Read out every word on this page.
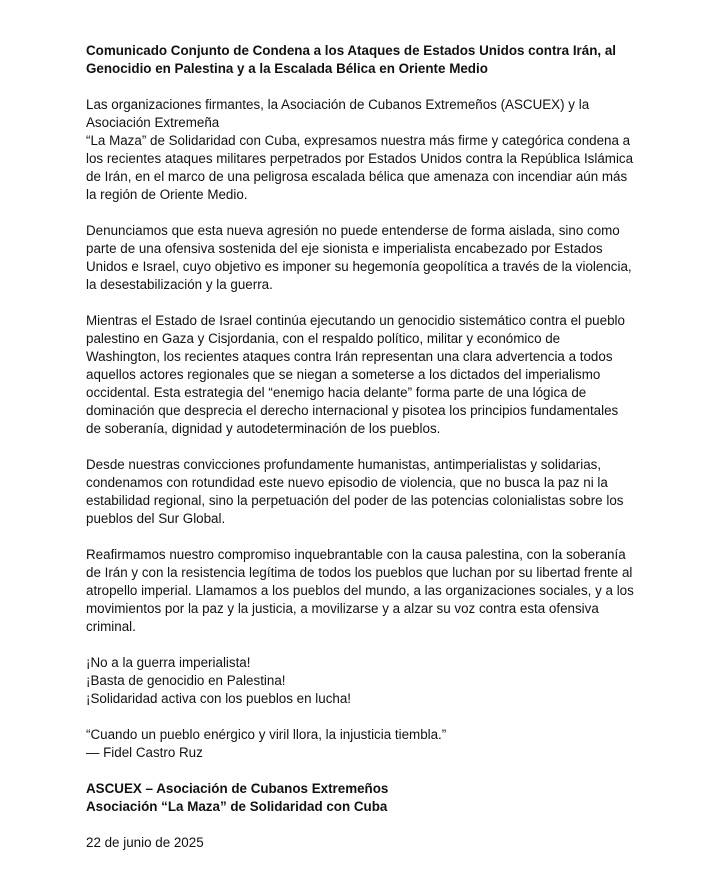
Comunicado Conjunto de Condena a los Ataques de Estados Unidos contra Irán, al
Genocidio en Palestina y a la Escalada Bélica en Oriente Medio
Las organizaciones firmantes, la Asociación de Cubanos Extremeños (ASCUEX) y la
Asociación Extremeña
“La Maza” de Solidaridad con Cuba, expresamos nuestra más firme y categórica condena a
los recientes ataques militares perpetrados por Estados Unidos contra la República Islámica
de Irán, en el marco de una peligrosa escalada bélica que amenaza con incendiar aún más
la región de Oriente Medio.
Denunciamos que esta nueva agresión no puede entenderse de forma aislada, sino como
parte de una ofensiva sostenida del eje sionista e imperialista encabezado por Estados
Unidos e Israel, cuyo objetivo es imponer su hegemonía geopolítica a través de la violencia,
la desestabilización y la guerra.
Mientras el Estado de Israel continúa ejecutando un genocidio sistemático contra el pueblo
palestino en Gaza y Cisjordania, con el respaldo político, militar y económico de
Washington, los recientes ataques contra Irán representan una clara advertencia a todos
aquellos actores regionales que se niegan a someterse a los dictados del imperialismo
occidental. Esta estrategia del “enemigo hacia delante” forma parte de una lógica de
dominación que desprecia el derecho internacional y pisotea los principios fundamentales
de soberanía, dignidad y autodeterminación de los pueblos.
Desde nuestras convicciones profundamente humanistas, antimperialistas y solidarias,
condenamos con rotundidad este nuevo episodio de violencia, que no busca la paz ni la
estabilidad regional, sino la perpetuación del poder de las potencias colonialistas sobre los
pueblos del Sur Global.
Reafirmamos nuestro compromiso inquebrantable con la causa palestina, con la soberanía
de Irán y con la resistencia legítima de todos los pueblos que luchan por su libertad frente al
atropello imperial. Llamamos a los pueblos del mundo, a las organizaciones sociales, y a los
movimientos por la paz y la justicia, a movilizarse y a alzar su voz contra esta ofensiva
criminal.
¡No a la guerra imperialista!
¡Basta de genocidio en Palestina!
¡Solidaridad activa con los pueblos en lucha!
“Cuando un pueblo enérgico y viril llora, la injusticia tiembla.”
— Fidel Castro Ruz
ASCUEX – Asociación de Cubanos Extremeños
Asociación “La Maza” de Solidaridad con Cuba
22 de junio de 2025
